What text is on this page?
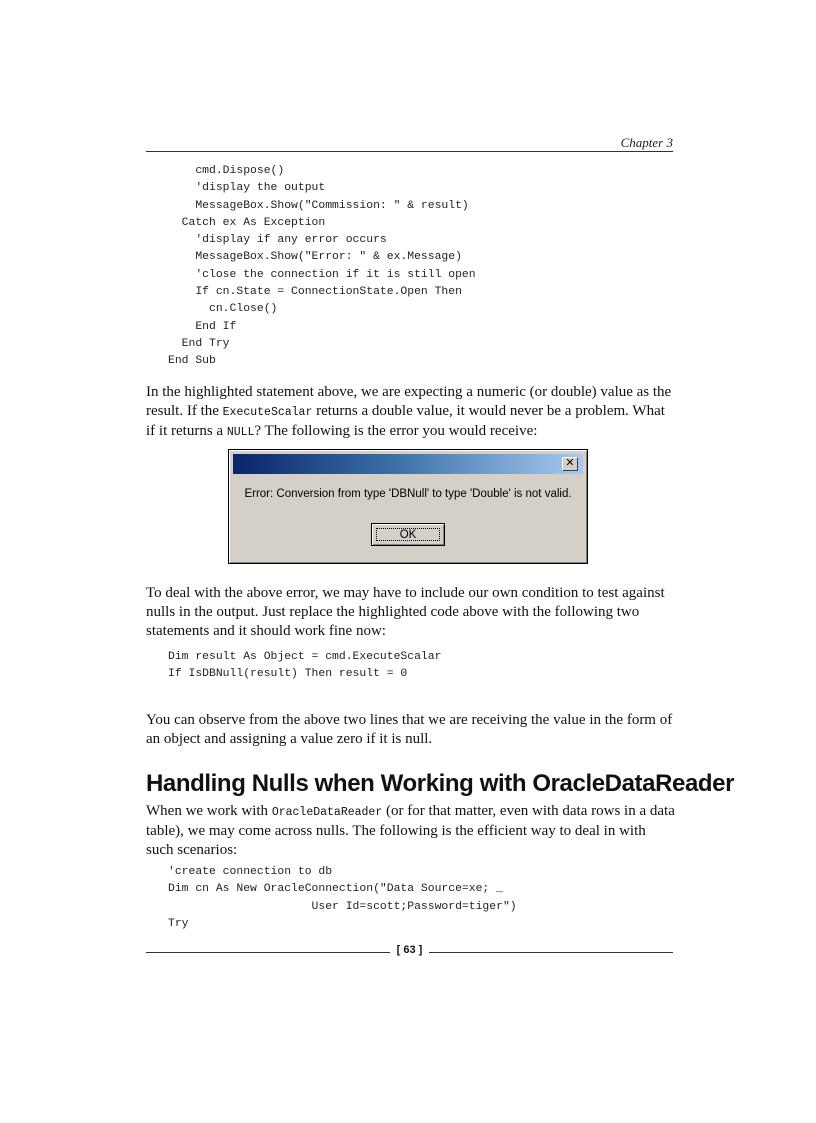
Chapter 3
cmd.Dispose()
'display the output
MessageBox.Show("Commission: " & result)
Catch ex As Exception
'display if any error occurs
MessageBox.Show("Error: " & ex.Message)
'close the connection if it is still open
If cn.State = ConnectionState.Open Then
cn.Close()
End If
End Try
End Sub

In the highlighted statement above, we are expecting a numeric (or double) value as the result. If the ExecuteScalar returns a double value, it would never be a problem. What if it returns a NULL? The following is the error you would receive:

✕
Error: Conversion from type 'DBNull' to type 'Double' is not valid.
OK

To deal with the above error, we may have to include our own condition to test against nulls in the output. Just replace the highlighted code above with the following two statements and it should work fine now:

Dim result As Object = cmd.ExecuteScalar
If IsDBNull(result) Then result = 0

You can observe from the above two lines that we are receiving the value in the form of an object and assigning a value zero if it is null.

Handling Nulls when Working with OracleDataReader

When we work with OracleDataReader (or for that matter, even with data rows in a data table), we may come across nulls. The following is the efficient way to deal in with such scenarios:

'create connection to db
Dim cn As New OracleConnection("Data Source=xe; _
User Id=scott;Password=tiger")
Try
[ 63 ]
